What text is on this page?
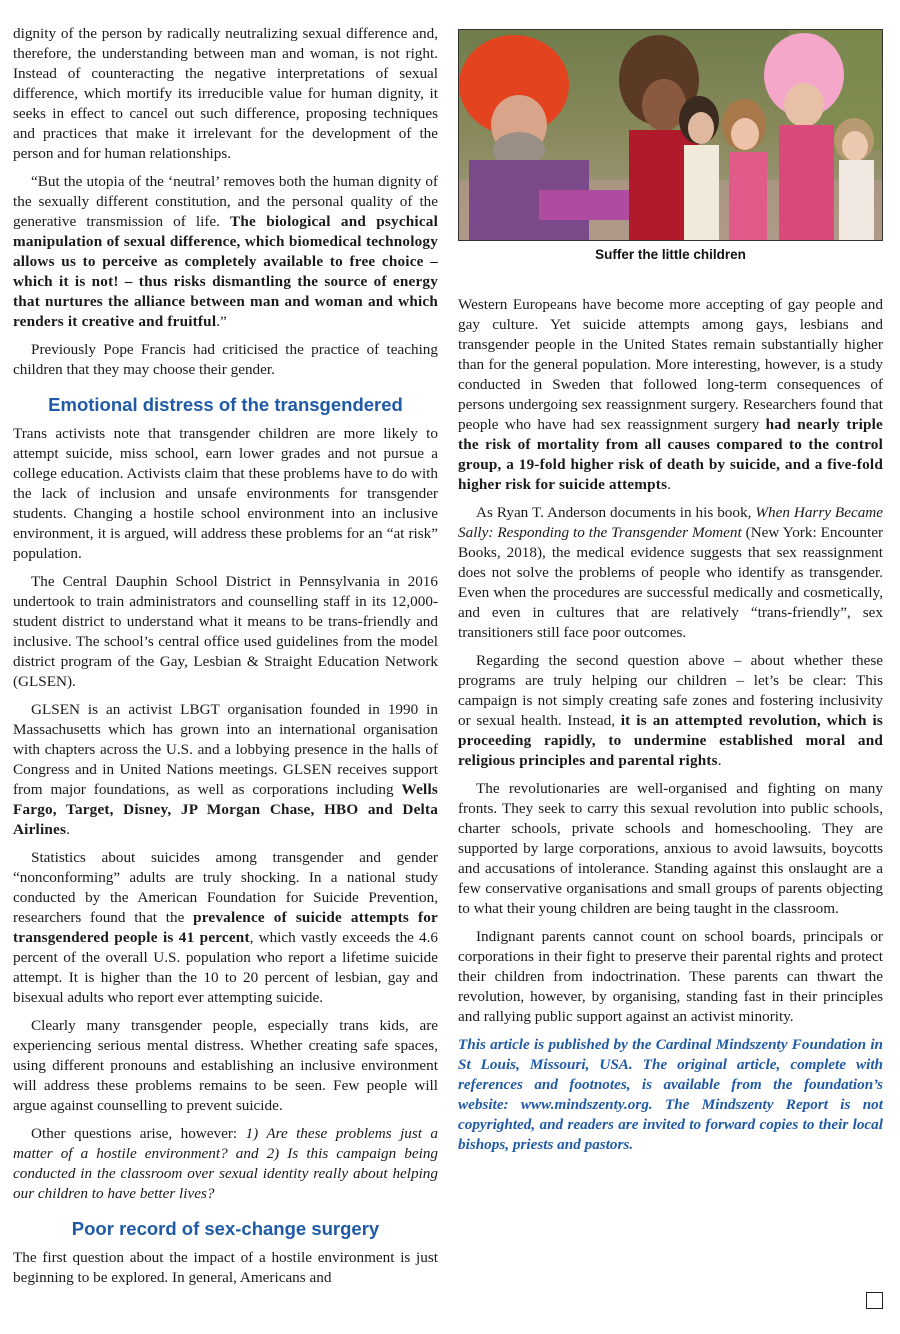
dignity of the person by radically neutralizing sexual difference and, therefore, the understanding between man and woman, is not right. Instead of counteracting the negative interpretations of sexual difference, which mortify its irreducible value for human dignity, it seeks in effect to cancel out such difference, proposing techniques and practices that make it irrelevant for the development of the person and for human relationships.

“But the utopia of the ‘neutral’ removes both the human dignity of the sexually different constitution, and the personal quality of the generative transmission of life. The biological and psychical manipulation of sexual difference, which biomedical technology allows us to perceive as completely available to free choice – which it is not! – thus risks dismantling the source of energy that nurtures the alliance between man and woman and which renders it creative and fruitful.”

Previously Pope Francis had criticised the practice of teaching children that they may choose their gender.

Emotional distress of the transgendered

Trans activists note that transgender children are more likely to attempt suicide, miss school, earn lower grades and not pursue a college education. Activists claim that these problems have to do with the lack of inclusion and unsafe environments for transgender students. Changing a hostile school environment into an inclusive environment, it is argued, will address these problems for an “at risk” population.

The Central Dauphin School District in Pennsylvania in 2016 undertook to train administrators and counselling staff in its 12,000-student district to understand what it means to be trans-friendly and inclusive. The school’s central office used guidelines from the model district program of the Gay, Lesbian & Straight Education Network (GLSEN).

GLSEN is an activist LBGT organisation founded in 1990 in Massachusetts which has grown into an international organisation with chapters across the U.S. and a lobbying presence in the halls of Congress and in United Nations meetings. GLSEN receives support from major foundations, as well as corporations including Wells Fargo, Target, Disney, JP Morgan Chase, HBO and Delta Airlines.

Statistics about suicides among transgender and gender “nonconforming” adults are truly shocking. In a national study conducted by the American Foundation for Suicide Prevention, researchers found that the prevalence of suicide attempts for transgendered people is 41 percent, which vastly exceeds the 4.6 percent of the overall U.S. population who report a lifetime suicide attempt. It is higher than the 10 to 20 percent of lesbian, gay and bisexual adults who report ever attempting suicide.

Clearly many transgender people, especially trans kids, are experiencing serious mental distress. Whether creating safe spaces, using different pronouns and establishing an inclusive environment will address these problems remains to be seen. Few people will argue against counselling to prevent suicide.

Other questions arise, however: 1) Are these problems just a matter of a hostile environment? and 2) Is this campaign being conducted in the classroom over sexual identity really about helping our children to have better lives?

Poor record of sex-change surgery

The first question about the impact of a hostile environment is just beginning to be explored. In general, Americans and

Suffer the little children

Western Europeans have become more accepting of gay people and gay culture. Yet suicide attempts among gays, lesbians and transgender people in the United States remain substantially higher than for the general population. More interesting, however, is a study conducted in Sweden that followed long-term consequences of persons undergoing sex reassignment surgery. Researchers found that people who have had sex reassignment surgery had nearly triple the risk of mortality from all causes compared to the control group, a 19-fold higher risk of death by suicide, and a five-fold higher risk for suicide attempts.

As Ryan T. Anderson documents in his book, When Harry Became Sally: Responding to the Transgender Moment (New York: Encounter Books, 2018), the medical evidence suggests that sex reassignment does not solve the problems of people who identify as transgender. Even when the procedures are successful medically and cosmetically, and even in cultures that are relatively “trans-friendly”, sex transitioners still face poor outcomes.

Regarding the second question above – about whether these programs are truly helping our children – let’s be clear: This campaign is not simply creating safe zones and fostering inclusivity or sexual health. Instead, it is an attempted revolution, which is proceeding rapidly, to undermine established moral and religious principles and parental rights.

The revolutionaries are well-organised and fighting on many fronts. They seek to carry this sexual revolution into public schools, charter schools, private schools and homeschooling. They are supported by large corporations, anxious to avoid lawsuits, boycotts and accusations of intolerance. Standing against this onslaught are a few conservative organisations and small groups of parents objecting to what their young children are being taught in the classroom.

Indignant parents cannot count on school boards, principals or corporations in their fight to preserve their parental rights and protect their children from indoctrination. These parents can thwart the revolution, however, by organising, standing fast in their principles and rallying public support against an activist minority.

This article is published by the Cardinal Mindszenty Foundation in St Louis, Missouri, USA. The original article, complete with references and footnotes, is available from the foundation’s website: www.mindszenty.org. The Mindszenty Report is not copyrighted, and readers are invited to forward copies to their local bishops, priests and pastors.
